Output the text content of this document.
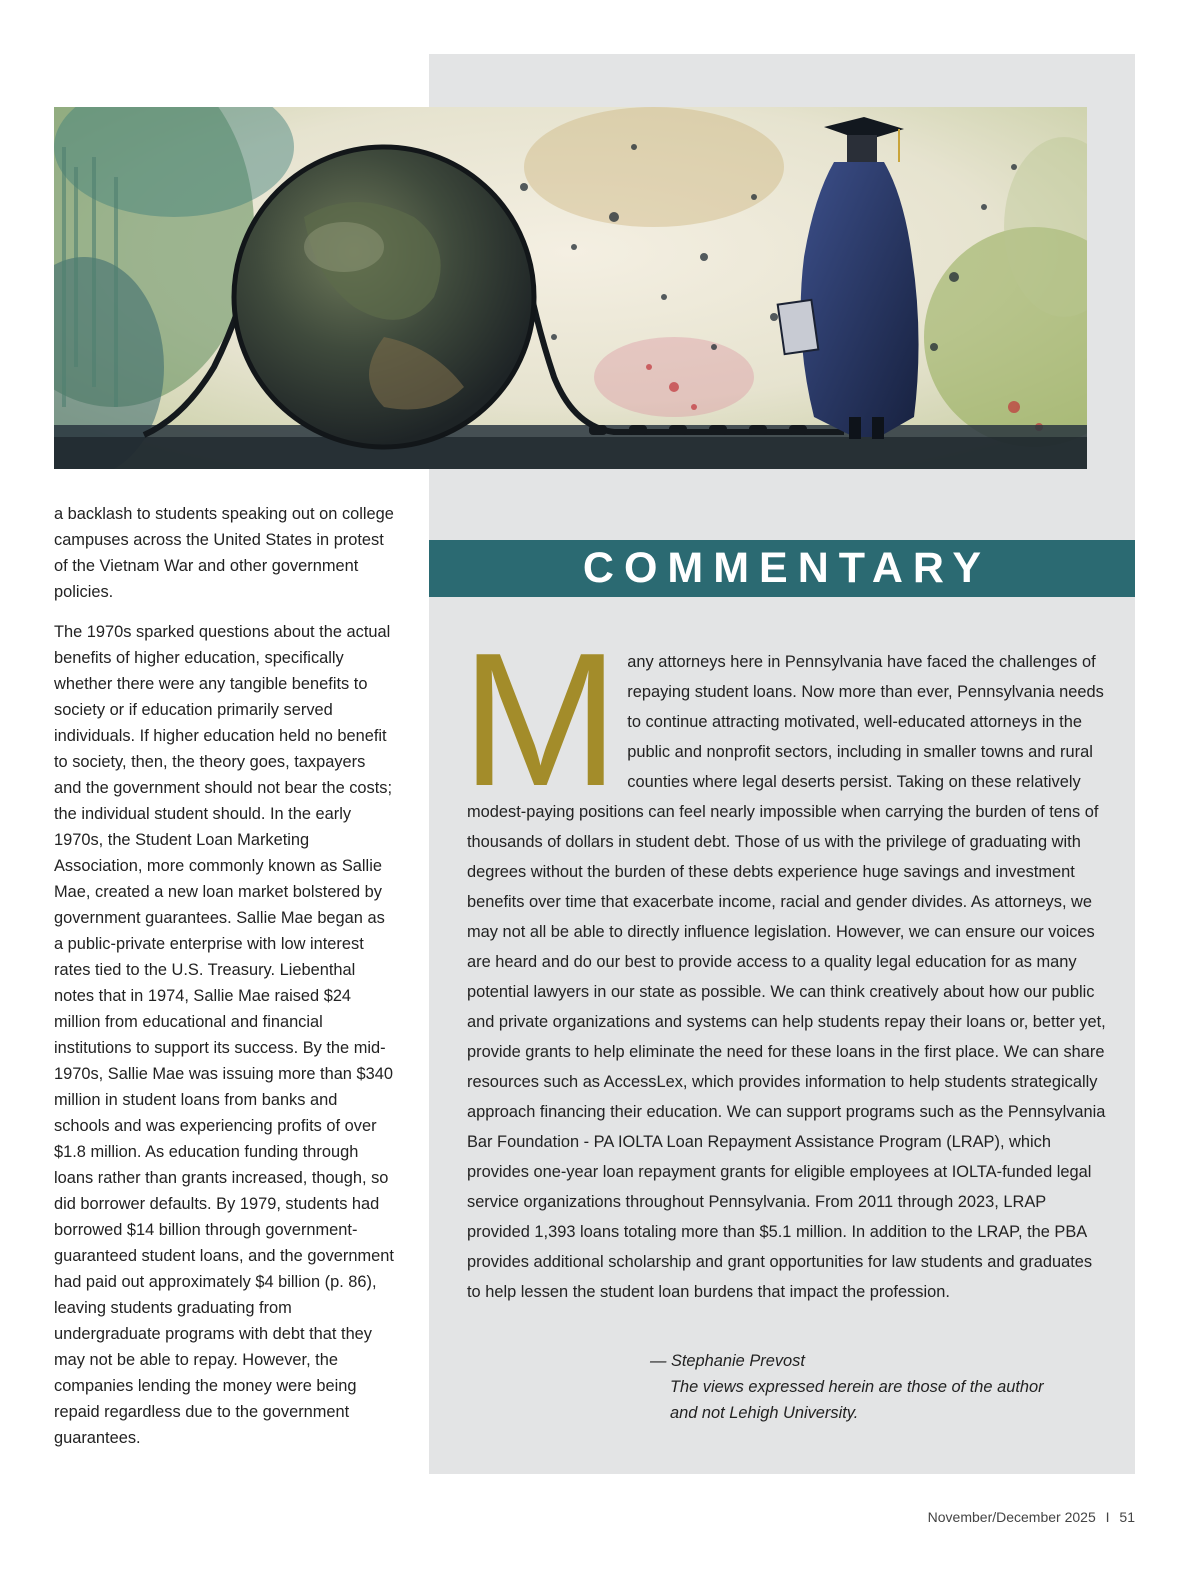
a backlash to students speaking out on college campuses across the United States in protest of the Vietnam War and other government policies.

The 1970s sparked questions about the actual benefits of higher education, specifically whether there were any tangible benefits to society or if education primarily served individuals. If higher education held no benefit to society, then, the theory goes, taxpayers and the government should not bear the costs; the individual student should. In the early 1970s, the Student Loan Marketing Association, more commonly known as Sallie Mae, created a new loan market bolstered by government guarantees. Sallie Mae began as a public-private enterprise with low interest rates tied to the U.S. Treasury. Liebenthal notes that in 1974, Sallie Mae raised $24 million from educational and financial institutions to support its success. By the mid-1970s, Sallie Mae was issuing more than $340 million in student loans from banks and schools and was experiencing profits of over $1.8 million. As education funding through loans rather than grants increased, though, so did borrower defaults. By 1979, students had borrowed $14 billion through government-guaranteed student loans, and the government had paid out approximately $4 billion (p. 86), leaving students graduating from undergraduate programs with debt that they may not be able to repay. However, the companies lending the money were being repaid regardless due to the government guarantees.

COMMENTARY
M any attorneys here in Pennsylvania have faced the challenges of repaying student loans. Now more than ever, Pennsylvania needs to continue attracting motivated, well-educated attorneys in the public and nonprofit sectors, including in smaller towns and rural counties where legal deserts persist. Taking on these relatively modest-paying positions can feel nearly impossible when carrying the burden of tens of thousands of dollars in student debt. Those of us with the privilege of graduating with degrees without the burden of these debts experience huge savings and investment benefits over time that exacerbate income, racial and gender divides. As attorneys, we may not all be able to directly influence legislation. However, we can ensure our voices are heard and do our best to provide access to a quality legal education for as many potential lawyers in our state as possible. We can think creatively about how our public and private organizations and systems can help students repay their loans or, better yet, provide grants to help eliminate the need for these loans in the first place. We can share resources such as AccessLex, which provides information to help students strategically approach financing their education. We can support programs such as the Pennsylvania Bar Foundation - PA IOLTA Loan Repayment Assistance Program (LRAP), which provides one-year loan repayment grants for eligible employees at IOLTA-funded legal service organizations throughout Pennsylvania. From 2011 through 2023, LRAP provided 1,393 loans totaling more than $5.1 million. In addition to the LRAP, the PBA provides additional scholarship and grant opportunities for law students and graduates to help lessen the student loan burdens that impact the profession.
— Stephanie Prevost
The views expressed herein are those of the author
and not Lehigh University.
November/December 2025 I 51
